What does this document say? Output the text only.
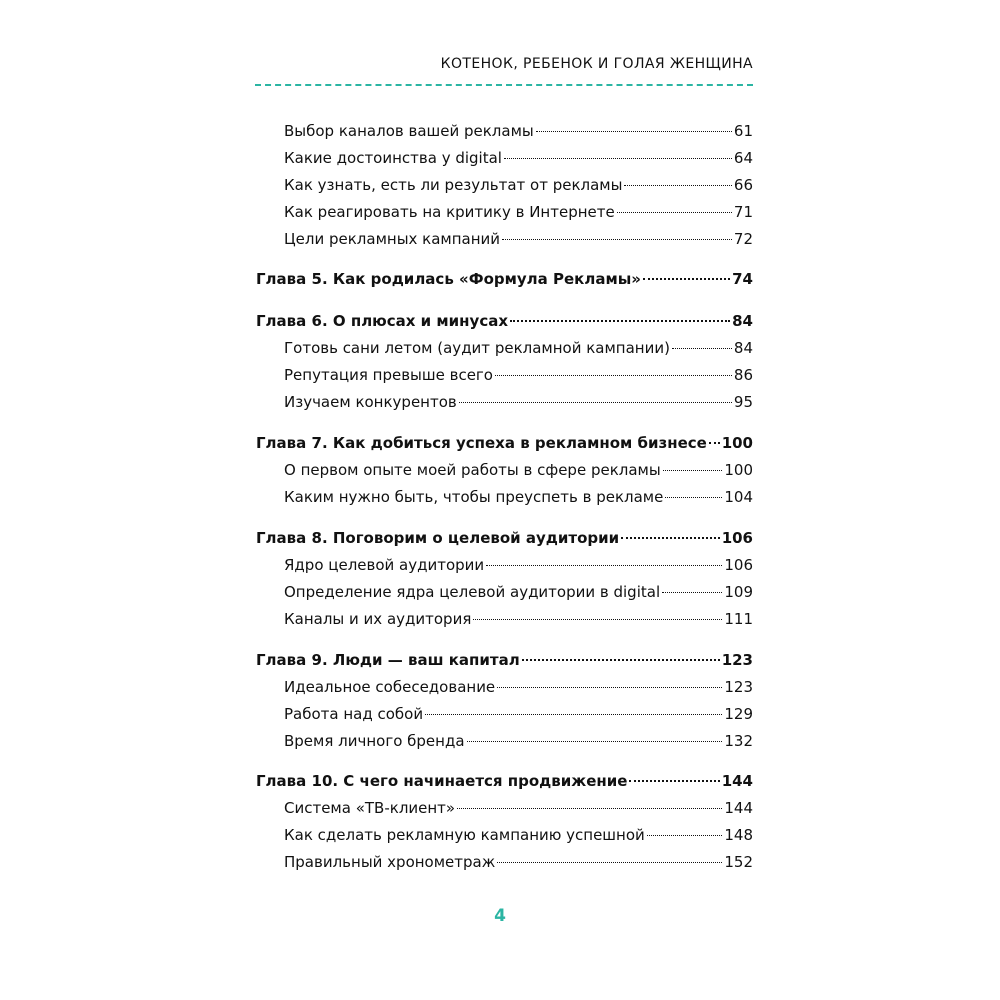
КОТЕНОК, РЕБЕНОК И ГОЛАЯ ЖЕНЩИНА
Выбор каналов вашей рекламы	61
Какие достоинства у digital	64
Как узнать, есть ли результат от рекламы	66
Как реагировать на критику в Интернете	71
Цели рекламных кампаний	72
Глава 5. Как родилась «Формула Рекламы»	74
Глава 6. О плюсах и минусах	84
Готовь сани летом (аудит рекламной кампании)	84
Репутация превыше всего	86
Изучаем конкурентов	95
Глава 7. Как добиться успеха в рекламном бизнесе 100
О первом опыте моей работы в сфере рекламы	100
Каким нужно быть, чтобы преуспеть в рекламе	104
Глава 8. Поговорим о целевой аудитории	106
Ядро целевой аудитории	106
Определение ядра целевой аудитории в digital	109
Каналы и их аудитория	111
Глава 9. Люди — ваш капитал	123
Идеальное собеседование	123
Работа над собой	129
Время личного бренда	132
Глава 10. С чего начинается продвижение	144
Система «ТВ-клиент»	144
Как сделать рекламную кампанию успешной	148
Правильный хронометраж	152
4
